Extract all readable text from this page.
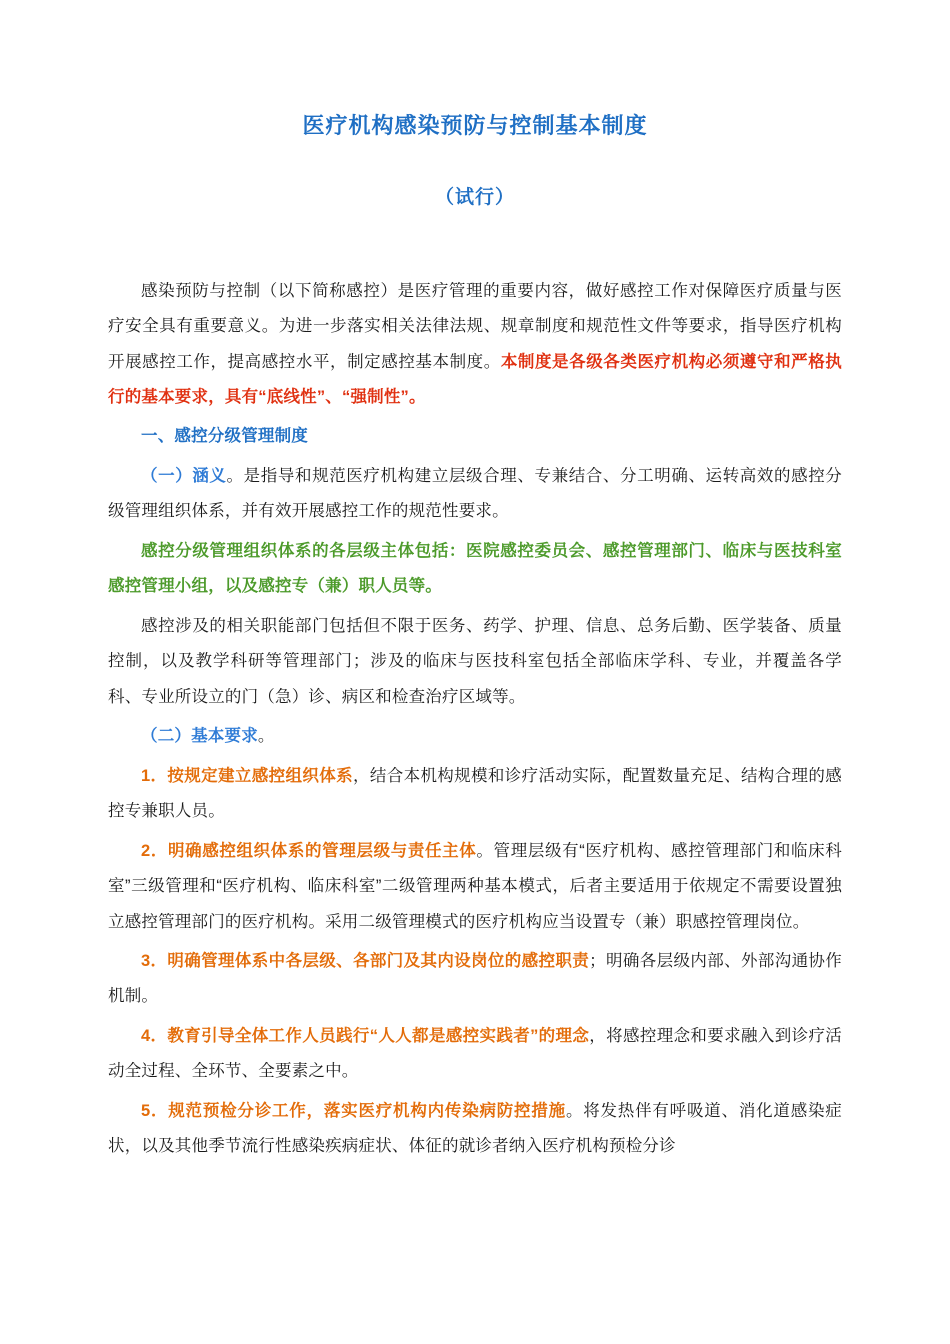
医疗机构感染预防与控制基本制度
（试行）

感染预防与控制（以下简称感控）是医疗管理的重要内容，做好感控工作对保障医疗质量与医疗安全具有重要意义。为进一步落实相关法律法规、规章制度和规范性文件等要求，指导医疗机构开展感控工作，提高感控水平，制定感控基本制度。本制度是各级各类医疗机构必须遵守和严格执行的基本要求，具有“底线性”、“强制性”。

一、感控分级管理制度

（一）涵义。是指导和规范医疗机构建立层级合理、专兼结合、分工明确、运转高效的感控分级管理组织体系，并有效开展感控工作的规范性要求。

感控分级管理组织体系的各层级主体包括：医院感控委员会、感控管理部门、临床与医技科室感控管理小组，以及感控专（兼）职人员等。

感控涉及的相关职能部门包括但不限于医务、药学、护理、信息、总务后勤、医学装备、质量控制，以及教学科研等管理部门；涉及的临床与医技科室包括全部临床学科、专业，并覆盖各学科、专业所设立的门（急）诊、病区和检查治疗区域等。

（二）基本要求。

1．按规定建立感控组织体系，结合本机构规模和诊疗活动实际，配置数量充足、结构合理的感控专兼职人员。

2．明确感控组织体系的管理层级与责任主体。管理层级有“医疗机构、感控管理部门和临床科室”三级管理和“医疗机构、临床科室”二级管理两种基本模式，后者主要适用于依规定不需要设置独立感控管理部门的医疗机构。采用二级管理模式的医疗机构应当设置专（兼）职感控管理岗位。

3．明确管理体系中各层级、各部门及其内设岗位的感控职责；明确各层级内部、外部沟通协作机制。

4．教育引导全体工作人员践行“人人都是感控实践者”的理念，将感控理念和要求融入到诊疗活动全过程、全环节、全要素之中。

5．规范预检分诊工作，落实医疗机构内传染病防控措施。将发热伴有呼吸道、消化道感染症状，以及其他季节流行性感染疾病症状、体征的就诊者纳入医疗机构预检分诊
